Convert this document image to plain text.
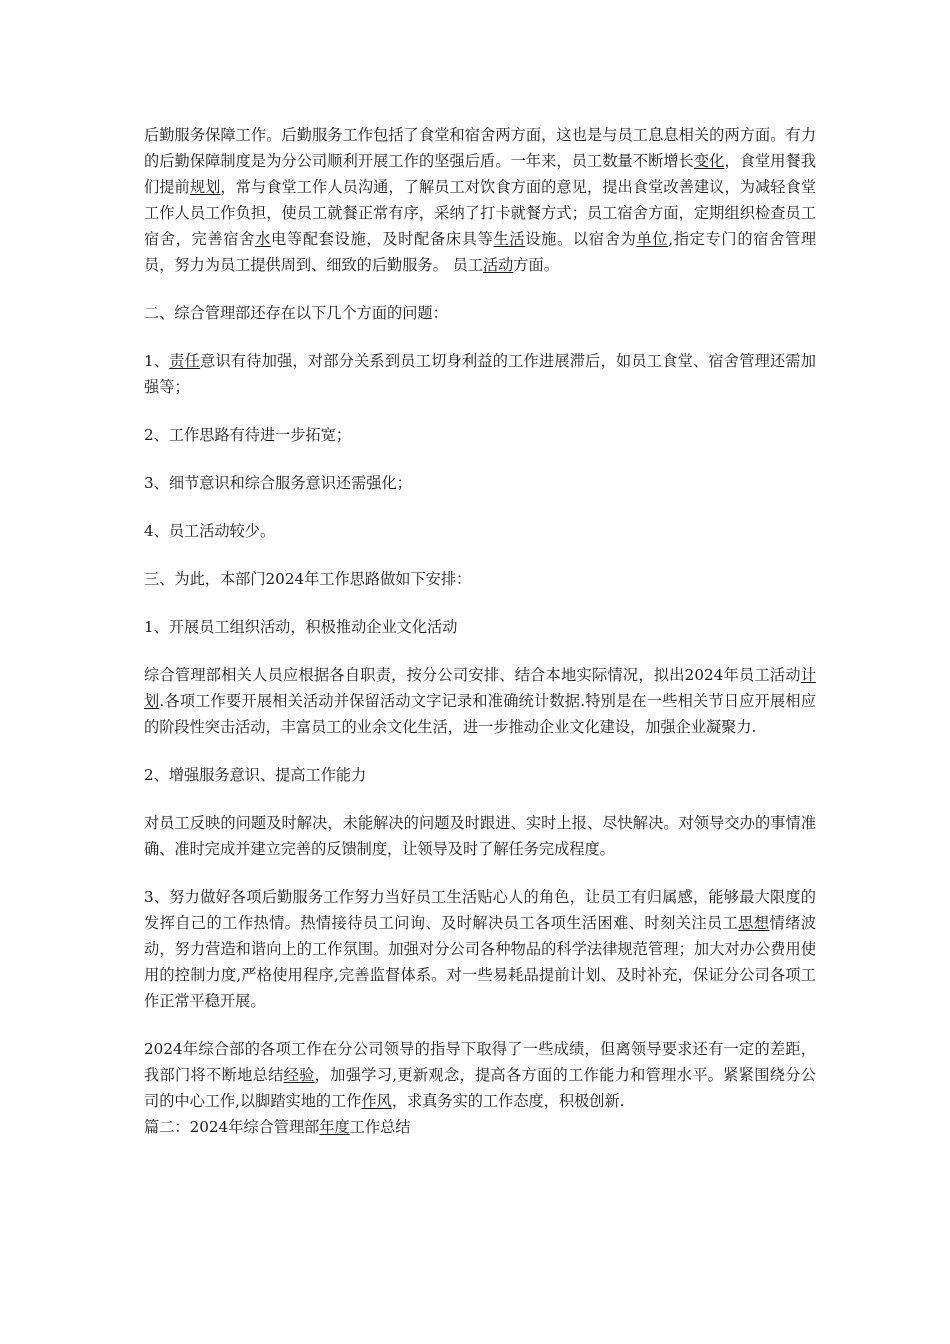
后勤服务保障工作。后勤服务工作包括了食堂和宿舍两方面，这也是与员工息息相关的两方面。有力的后勤保障制度是为分公司顺利开展工作的坚强后盾。一年来，员工数量不断增长变化，食堂用餐我们提前规划，常与食堂工作人员沟通，了解员工对饮食方面的意见，提出食堂改善建议，为减轻食堂工作人员工作负担，使员工就餐正常有序，采纳了打卡就餐方式；员工宿舍方面，定期组织检查员工宿舍，完善宿舍水电等配套设施，及时配备床具等生活设施。以宿舍为单位,指定专门的宿舍管理员，努力为员工提供周到、细致的后勤服务。 员工活动方面。

二、综合管理部还存在以下几个方面的问题：

1、责任意识有待加强，对部分关系到员工切身利益的工作进展滞后，如员工食堂、宿舍管理还需加强等；

2、工作思路有待进一步拓宽；

3、细节意识和综合服务意识还需强化；

4、员工活动较少。

三、为此，本部门2024年工作思路做如下安排：

1、开展员工组织活动，积极推动企业文化活动

综合管理部相关人员应根据各自职责，按分公司安排、结合本地实际情况，拟出2024年员工活动计划.各项工作要开展相关活动并保留活动文字记录和准确统计数据.特别是在一些相关节日应开展相应的阶段性突击活动，丰富员工的业余文化生活，进一步推动企业文化建设，加强企业凝聚力.

2、增强服务意识、提高工作能力

对员工反映的问题及时解决，未能解决的问题及时跟进、实时上报、尽快解决。对领导交办的事情准确、准时完成并建立完善的反馈制度，让领导及时了解任务完成程度。

3、努力做好各项后勤服务工作努力当好员工生活贴心人的角色，让员工有归属感，能够最大限度的发挥自己的工作热情。热情接待员工问询、及时解决员工各项生活困难、时刻关注员工思想情绪波动，努力营造和谐向上的工作氛围。加强对分公司各种物品的科学法律规范管理；加大对办公费用使用的控制力度,严格使用程序,完善监督体系。对一些易耗品提前计划、及时补充，保证分公司各项工作正常平稳开展。

2024年综合部的各项工作在分公司领导的指导下取得了一些成绩，但离领导要求还有一定的差距，我部门将不断地总结经验，加强学习,更新观念，提高各方面的工作能力和管理水平。紧紧围绕分公司的中心工作,以脚踏实地的工作作风，求真务实的工作态度，积极创新.

篇二：2024年综合管理部年度工作总结
